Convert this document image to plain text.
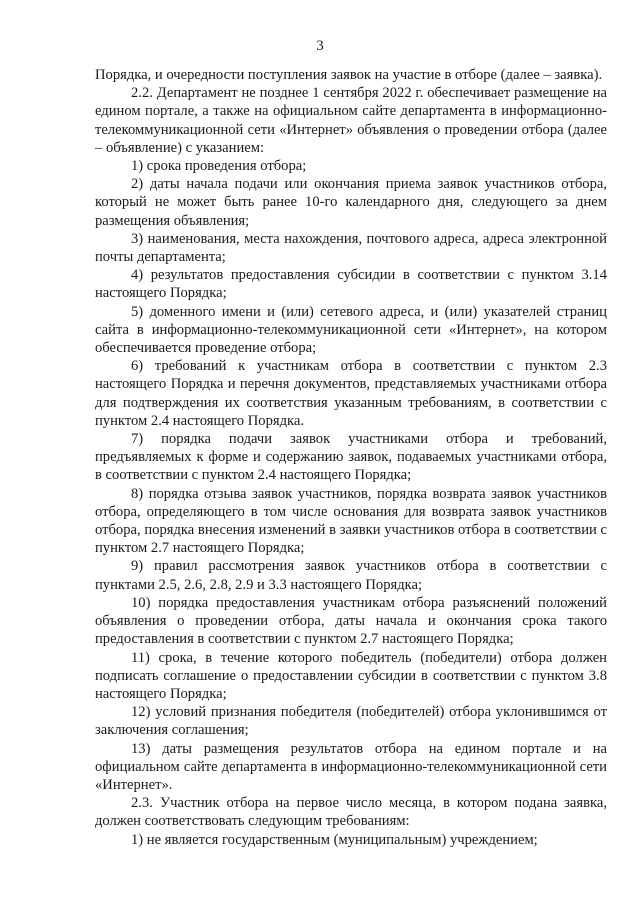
3

Порядка, и очередности поступления заявок на участие в отборе (далее – заявка).

2.2. Департамент не позднее 1 сентября 2022 г. обеспечивает размещение на едином портале, а также на официальном сайте департамента в информационно-телекоммуникационной сети «Интернет» объявления о проведении отбора (далее – объявление) с указанием:

1) срока проведения отбора;

2) даты начала подачи или окончания приема заявок участников отбора, который не может быть ранее 10-го календарного дня, следующего за днем размещения объявления;

3) наименования, места нахождения, почтового адреса, адреса электронной почты департамента;

4) результатов предоставления субсидии в соответствии с пунктом 3.14 настоящего Порядка;

5) доменного имени и (или) сетевого адреса, и (или) указателей страниц сайта в информационно-телекоммуникационной сети «Интернет», на котором обеспечивается проведение отбора;

6) требований к участникам отбора в соответствии с пунктом 2.3 настоящего Порядка и перечня документов, представляемых участниками отбора для подтверждения их соответствия указанным требованиям, в соответствии с пунктом 2.4 настоящего Порядка.

7) порядка подачи заявок участниками отбора и требований, предъявляемых к форме и содержанию заявок, подаваемых участниками отбора, в соответствии с пунктом 2.4 настоящего Порядка;

8) порядка отзыва заявок участников, порядка возврата заявок участников отбора, определяющего в том числе основания для возврата заявок участников отбора, порядка внесения изменений в заявки участников отбора в соответствии с пунктом 2.7 настоящего Порядка;

9) правил рассмотрения заявок участников отбора в соответствии с пунктами 2.5, 2.6, 2.8, 2.9 и 3.3 настоящего Порядка;

10) порядка предоставления участникам отбора разъяснений положений объявления о проведении отбора, даты начала и окончания срока такого предоставления в соответствии с пунктом 2.7 настоящего Порядка;

11) срока, в течение которого победитель (победители) отбора должен подписать соглашение о предоставлении субсидии в соответствии с пунктом 3.8 настоящего Порядка;

12) условий признания победителя (победителей) отбора уклонившимся от заключения соглашения;

13) даты размещения результатов отбора на едином портале и на официальном сайте департамента в информационно-телекоммуникационной сети «Интернет».

2.3. Участник отбора на первое число месяца, в котором подана заявка, должен соответствовать следующим требованиям:

1) не является государственным (муниципальным) учреждением;
